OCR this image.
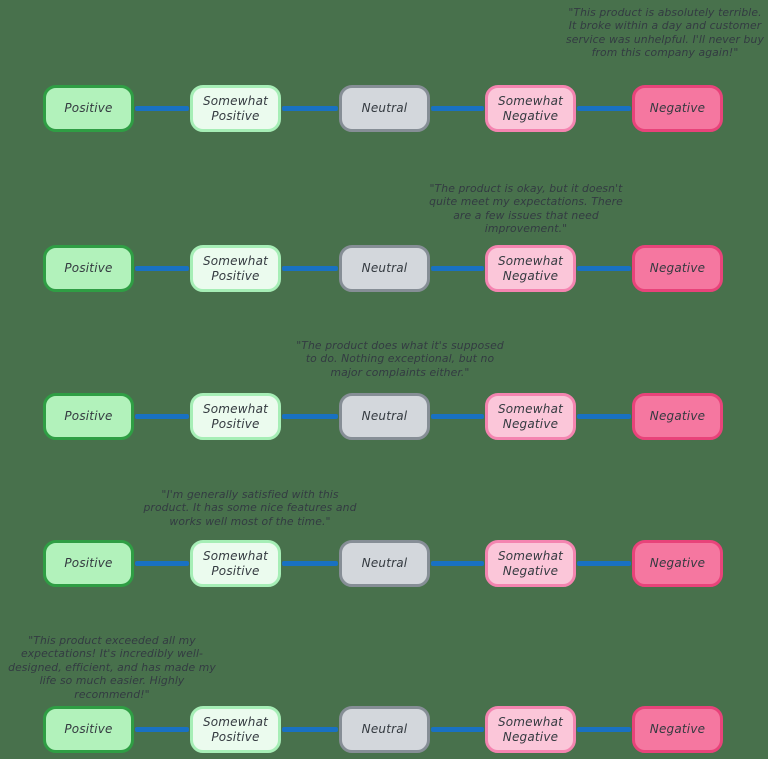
"This product is absolutely terrible. It broke within a day and customer service was unhelpful. I'll never buy from this company again!"
"The product is okay, but it doesn't quite meet my expectations. There are a few issues that need improvement."
"The product does what it's supposed to do. Nothing exceptional, but no major complaints either."
"I'm generally satisfied with this product. It has some nice features and works well most of the time."
"This product exceeded all my expectations! It's incredibly well-designed, efficient, and has made my life so much easier. Highly recommend!"
Positive
Somewhat Positive
Neutral
Somewhat Negative
Negative
Positive
Somewhat Positive
Neutral
Somewhat Negative
Negative
Positive
Somewhat Positive
Neutral
Somewhat Negative
Negative
Positive
Somewhat Positive
Neutral
Somewhat Negative
Negative
Positive
Somewhat Positive
Neutral
Somewhat Negative
Negative
